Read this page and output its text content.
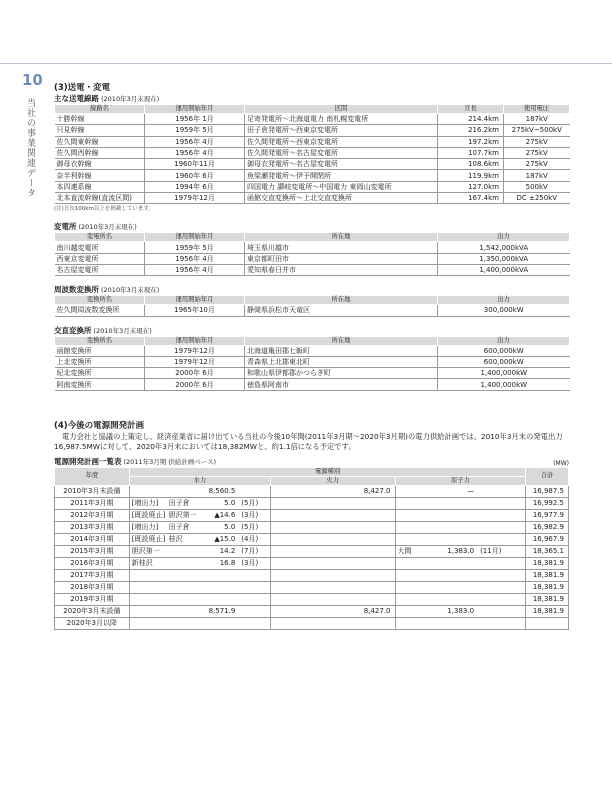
10
当社の事業関連データ
(3)送電・変電
主な送電線路 (2010年3月末現在)
線路名	運用開始年月	区間	亘長	使用電圧
十勝幹線	1956年 1月	足寄発電所～北海道電力 南札幌変電所	214.4km	187kV
只見幹線	1959年 5月	田子倉発電所～西東京変電所	216.2km	275kV~500kV
佐久間東幹線	1956年 4月	佐久間発電所～西東京変電所	197.2km	275kV
佐久間西幹線	1956年 4月	佐久間発電所～名古屋変電所	107.7km	275kV
御母衣幹線	1960年11月	御母衣発電所～名古屋変電所	108.6km	275kV
奈半利幹線	1960年 6月	魚梁瀬発電所～伊予開閉所	119.9km	187kV
本四連系線	1994年 6月	四国電力 讃岐変電所～中国電力 東岡山変電所	127.0km	500kV
北本直流幹線(直流区間)	1979年12月	函館交直変換所～上北交直変換所	167.4km	DC ±250kV
(注)亘長100km以上を掲載しています。
変電所 (2010年3月末現在)
変電所名	運用開始年月	所在地	出力
南川越変電所	1959年 5月	埼玉県川越市	1,542,000kVA
西東京変電所	1956年 4月	東京都町田市	1,350,000kVA
名古屋変電所	1956年 4月	愛知県春日井市	1,400,000kVA
周波数変換所 (2010年3月末現在)
変換所名	運用開始年月	所在地	出力
佐久間周波数変換所	1965年10月	静岡県浜松市天竜区	300,000kW
交直変換所 (2010年3月末現在)
変換所名	運用開始年月	所在地	出力
函館変換所	1979年12月	北海道亀田郡七飯町	600,000kW
上北変換所	1979年12月	青森県上北郡東北町	600,000kW
紀北変換所	2000年 6月	和歌山県伊都郡かつらぎ町	1,400,000kW
阿南変換所	2000年 6月	徳島県阿南市	1,400,000kW
(4)今後の電源開発計画
電力会社と協議の上策定し、経済産業省に届け出ている当社の今後10年間(2011年3月期～2020年3月期)の電力供給計画では、2010年3月末の発電出力16,987.5MWに対して、2020年3月末においては18,382MWと、約1.1倍になる予定です。
電源開発計画一覧表 (2011年3月期 供給計画ベース)	(MW)
年度	電源種別								合計
	水力				火力	原子力			
2010年3月末設備			8,560.5		8,427.0		—		16,987.5
2011年3月期	[増出力]	田子倉	5.0	(5月)					16,992.5
2012年3月期	[既設廃止]	胆沢第一	▲14.6	(3月)					16,977.9
2013年3月期	[増出力]	田子倉	5.0	(5月)					16,982.9
2014年3月期	[既設廃止]	桂沢	▲15.0	(4月)					16,967.9
2015年3月期	胆沢第一		14.2	(7月)		大間	1,383.0	(11月)	18,365.1
2016年3月期	新桂沢		16.8	(3月)					18,381.9
2017年3月期									18,381.9
2018年3月期									18,381.9
2019年3月期									18,381.9
2020年3月末設備			8,571.9		8,427.0		1,383.0		18,381.9
2020年3月以降									
